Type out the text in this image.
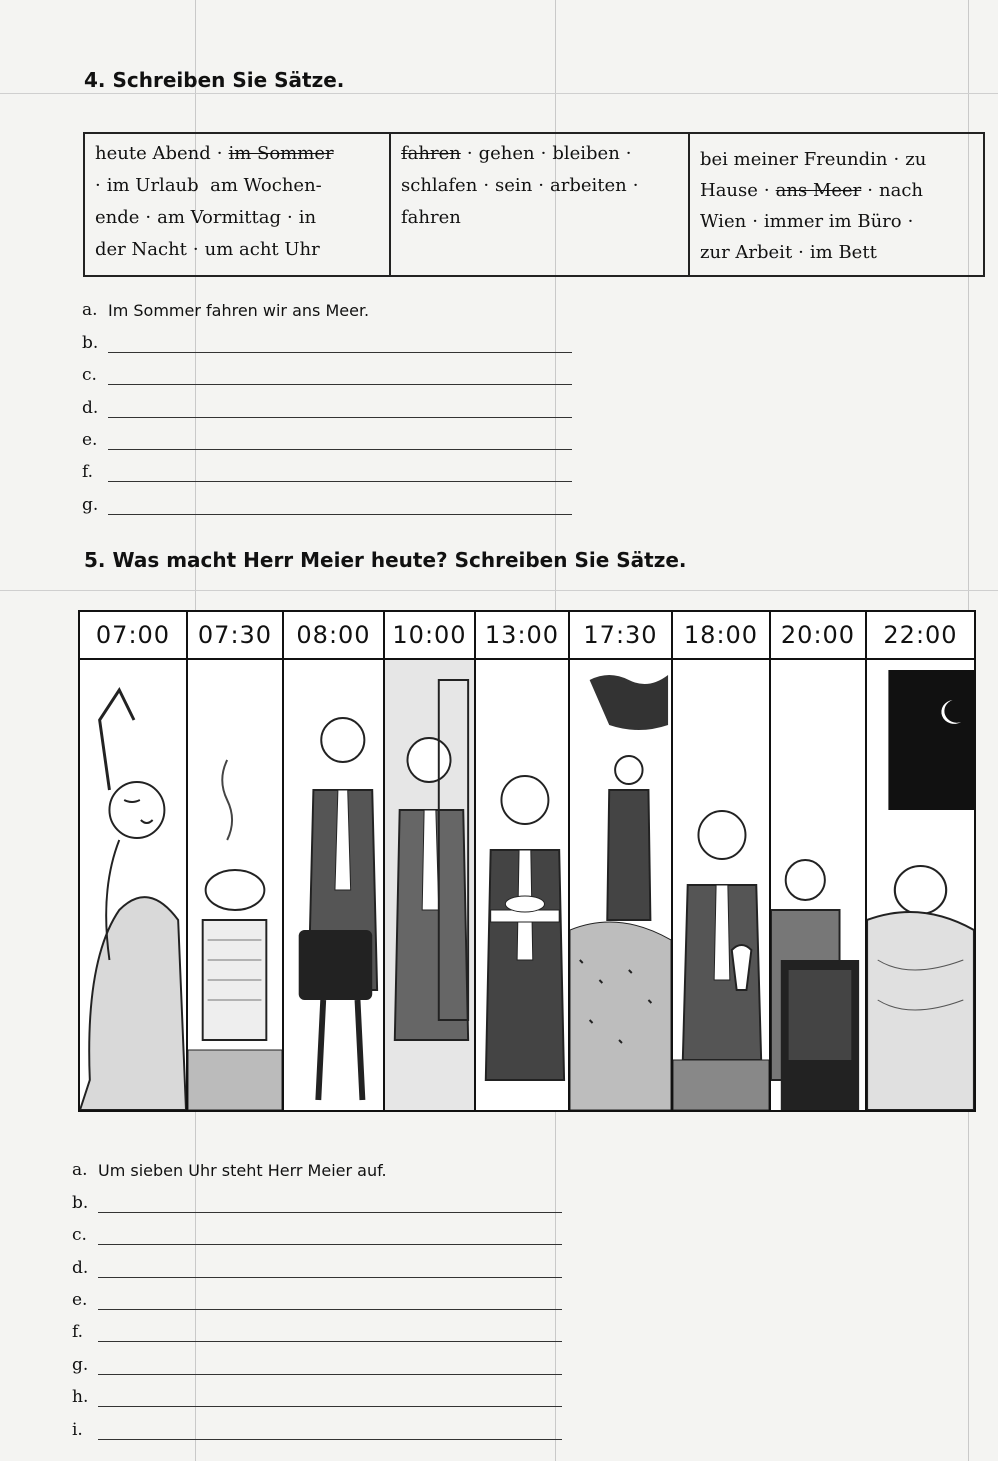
4. Schreiben Sie Sätze.
heute Abend · im Sommer
· im Urlaub am Wochen-
ende · am Vormittag · in
der Nacht · um acht Uhr
fahren · gehen · bleiben ·
schlafen · sein · arbeiten ·
fahren
bei meiner Freundin · zu
Hause · ans Meer · nach
Wien · immer im Büro ·
zur Arbeit · im Bett
a. Im Sommer fahren wir ans Meer.
b.
c.
d.
e.
f.
g.
5. Was macht Herr Meier heute? Schreiben Sie Sätze.
07:00	07:30	08:00 10:00 13:00	17:30	18:00 20:00	22:00
a. Um sieben Uhr steht Herr Meier auf.
b.
c.
d.
e.
f.
g.
h.
i.
